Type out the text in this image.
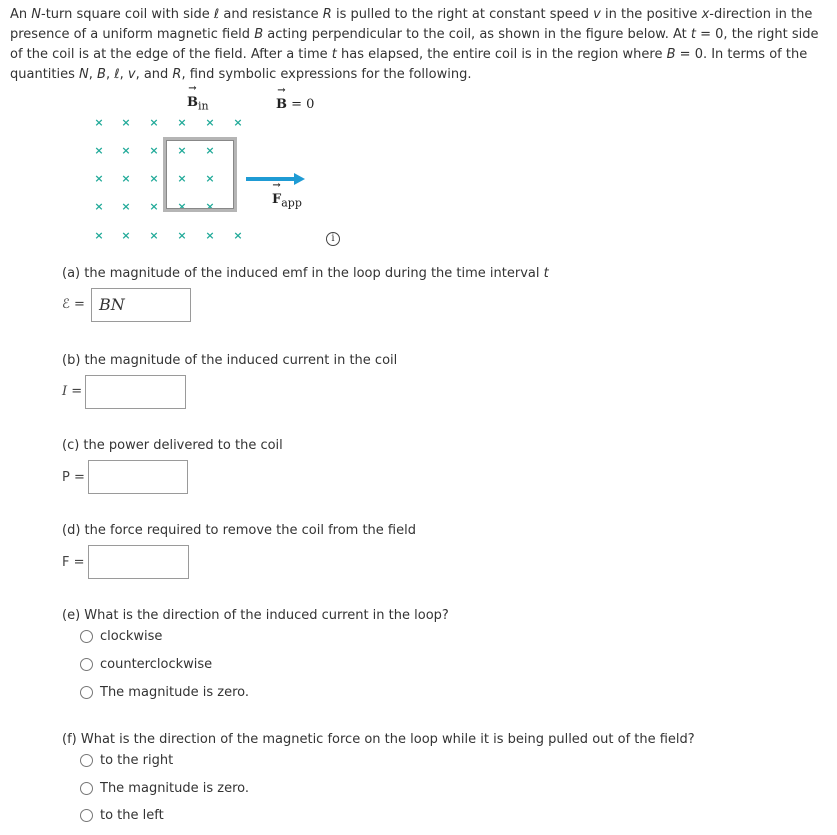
An N-turn square coil with side ℓ and resistance R is pulled to the right at constant speed v in the positive x-direction in the presence of a uniform magnetic field B acting perpendicular to the coil, as shown in the figure below. At t = 0, the right side of the coil is at the edge of the field. After a time t has elapsed, the entire coil is in the region where B = 0. In terms of the quantities N, B, ℓ, v, and R, find symbolic expressions for the following.

→ $B_{in}$
→	B = 0
× × × × × ×
× × × × ×
× × × × ×
× × × × ×
× × × × × ×
→ $F_{app}$
i
(a) the magnitude of the induced emf in the loop during the time interval t
ℰ = BN
(b) the magnitude of the induced current in the coil
I =
(c) the power delivered to the coil
P =
(d) the force required to remove the coil from the field
F =
(e) What is the direction of the induced current in the loop?
clockwise
counterclockwise
The magnitude is zero.
(f) What is the direction of the magnetic force on the loop while it is being pulled out of the field?
to the right
The magnitude is zero.
to the left
